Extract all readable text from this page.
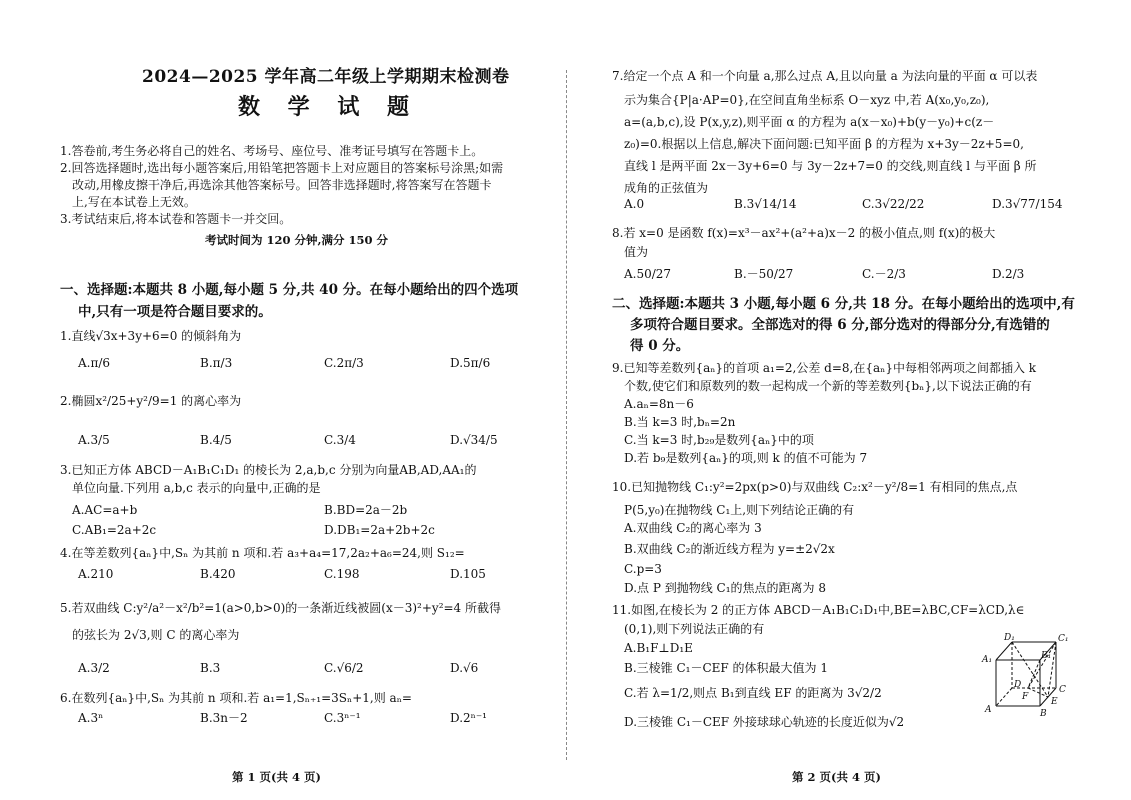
2024—2025 学年高二年级上学期期末检测卷
数 学 试 题
1.答卷前,考生务必将自己的姓名、考场号、座位号、准考证号填写在答题卡上。
2.回答选择题时,选出每小题答案后,用铅笔把答题卡上对应题目的答案标号涂黑;如需
改动,用橡皮擦干净后,再选涂其他答案标号。回答非选择题时,将答案写在答题卡
上,写在本试卷上无效。
3.考试结束后,将本试卷和答题卡一并交回。
考试时间为 120 分钟,满分 150 分
一、选择题:本题共 8 小题,每小题 5 分,共 40 分。在每小题给出的四个选项
中,只有一项是符合题目要求的。
1.直线√3x+3y+6=0 的倾斜角为
A.π/6	B.π/3	C.2π/3	D.5π/6
2.椭圆x²/25+y²/9=1 的离心率为
A.3/5	B.4/5	C.3/4	D.√34/5
3.已知正方体 ABCD－A₁B₁C₁D₁ 的棱长为 2,a,b,c 分别为向量AB,AD,AA₁的
单位向量.下列用 a,b,c 表示的向量中,正确的是
A.AC=a+b	B.BD=2a－2b
C.AB₁=2a+2c	D.DB₁=2a+2b+2c
4.在等差数列{aₙ}中,Sₙ 为其前 n 项和.若 a₃+a₄=17,2a₂+a₆=24,则 S₁₂=
A.210	B.420	C.198	D.105
5.若双曲线 C:y²/a²－x²/b²=1(a>0,b>0)的一条渐近线被圆(x－3)²+y²=4 所截得
的弦长为 2√3,则 C 的离心率为
A.3/2	B.3	C.√6/2	D.√6
6.在数列{aₙ}中,Sₙ 为其前 n 项和.若 a₁=1,Sₙ₊₁=3Sₙ+1,则 aₙ=
A.3ⁿ	B.3n－2	C.3ⁿ⁻¹	D.2ⁿ⁻¹
第 1 页(共 4 页)
7.给定一个点 A 和一个向量 a,那么过点 A,且以向量 a 为法向量的平面 α 可以表
示为集合{P|a·AP=0},在空间直角坐标系 O－xyz 中,若 A(x₀,y₀,z₀),
a=(a,b,c),设 P(x,y,z),则平面 α 的方程为 a(x－x₀)+b(y－y₀)+c(z－
z₀)=0.根据以上信息,解决下面问题:已知平面 β 的方程为 x+3y－2z+5=0,
直线 l 是两平面 2x－3y+6=0 与 3y－2z+7=0 的交线,则直线 l 与平面 β 所
成角的正弦值为
A.0	B.3√14/14	C.3√22/22	D.3√77/154
8.若 x=0 是函数 f(x)=x³－ax²+(a²+a)x－2 的极小值点,则 f(x)的极大
值为
A.50/27	B.－50/27	C.－2/3	D.2/3
二、选择题:本题共 3 小题,每小题 6 分,共 18 分。在每小题给出的选项中,有
多项符合题目要求。全部选对的得 6 分,部分选对的得部分分,有选错的
得 0 分。
9.已知等差数列{aₙ}的首项 a₁=2,公差 d=8,在{aₙ}中每相邻两项之间都插入 k
个数,使它们和原数列的数一起构成一个新的等差数列{bₙ},以下说法正确的有
A.aₙ=8n－6
B.当 k=3 时,bₙ=2n
C.当 k=3 时,b₂₉是数列{aₙ}中的项
D.若 b₉是数列{aₙ}的项,则 k 的值不可能为 7
10.已知抛物线 C₁:y²=2px(p>0)与双曲线 C₂:x²－y²/8=1 有相同的焦点,点
P(5,y₀)在抛物线 C₁上,则下列结论正确的有
A.双曲线 C₂的离心率为 3
B.双曲线 C₂的渐近线方程为 y=±2√2x
C.p=3
D.点 P 到抛物线 C₁的焦点的距离为 8
11.如图,在棱长为 2 的正方体 ABCD－A₁B₁C₁D₁中,BE=λBC,CF=λCD,λ∈
(0,1),则下列说法正确的有
A.B₁F⊥D₁E
B.三棱锥 C₁－CEF 的体积最大值为 1
C.若 λ=1/2,则点 B₁到直线 EF 的距离为 3√2/2
D.三棱锥 C₁－CEF 外接球球心轨迹的长度近似为√2
D₁	C₁
A₁	B₁
D
F
C
A	B
E
第 2 页(共 4 页)
